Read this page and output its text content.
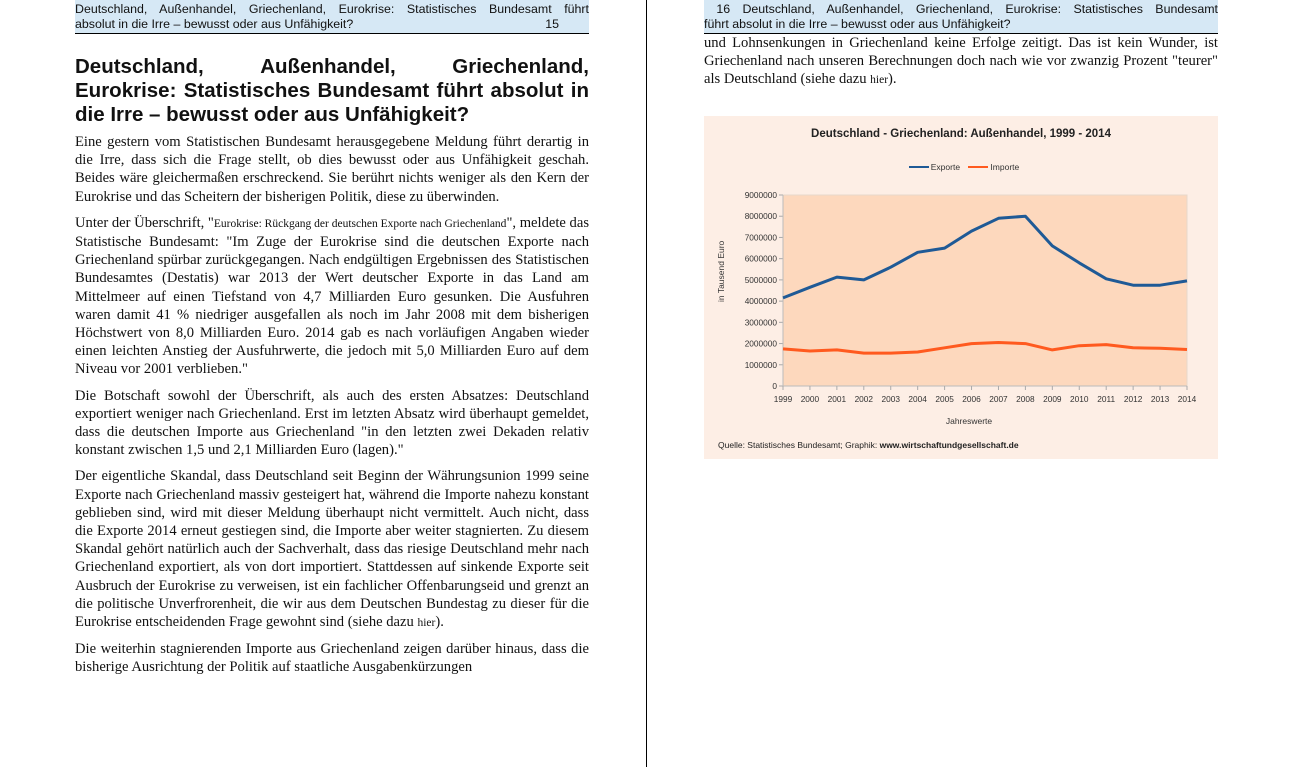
Deutschland, Außenhandel, Griechenland, Eurokrise: Statistisches Bundesamt führt
absolut in die Irre – bewusst oder aus Unfähigkeit?	15
Deutschland,	Außenhandel,	Griechenland,
Eurokrise: Statistisches Bundesamt führt absolut in die Irre – bewusst oder aus Unfähigkeit?

Eine gestern vom Statistischen Bundesamt herausgegebene Meldung führt derartig in die Irre, dass sich die Frage stellt, ob dies bewusst oder aus Unfähigkeit geschah. Beides wäre gleichermaßen erschreckend. Sie berührt nichts weniger als den Kern der Eurokrise und das Scheitern der bisherigen Politik, diese zu überwinden.

Unter der Überschrift, "Eurokrise: Rückgang der deutschen Exporte nach Griechenland", meldete das Statistische Bundesamt: "Im Zuge der Eurokrise sind die deutschen Exporte nach Griechenland spürbar zurückgegangen. Nach endgültigen Ergebnissen des Statistischen Bundesamtes (Destatis) war 2013 der Wert deutscher Exporte in das Land am Mittelmeer auf einen Tiefstand von 4,7 Milliarden Euro gesunken. Die Ausfuhren waren damit 41 % niedriger ausgefallen als noch im Jahr 2008 mit dem bisherigen Höchstwert von 8,0 Milliarden Euro. 2014 gab es nach vorläufigen Angaben wieder einen leichten Anstieg der Ausfuhrwerte, die jedoch mit 5,0 Milliarden Euro auf dem Niveau vor 2001 verblieben."

Die Botschaft sowohl der Überschrift, als auch des ersten Absatzes: Deutschland exportiert weniger nach Griechenland. Erst im letzten Absatz wird überhaupt gemeldet, dass die deutschen Importe aus Griechenland "in den letzten zwei Dekaden relativ konstant zwischen 1,5 und 2,1 Milliarden Euro (lagen)."

Der eigentliche Skandal, dass Deutschland seit Beginn der Währungsunion 1999 seine Exporte nach Griechenland massiv gesteigert hat, während die Importe nahezu konstant geblieben sind, wird mit dieser Meldung überhaupt nicht vermittelt. Auch nicht, dass die Exporte 2014 erneut gestiegen sind, die Importe aber weiter stagnierten. Zu diesem Skandal gehört natürlich auch der Sachverhalt, dass das riesige Deutschland mehr nach Griechenland exportiert, als von dort importiert. Stattdessen auf sinkende Exporte seit Ausbruch der Eurokrise zu verweisen, ist ein fachlicher Offenbarungseid und grenzt an die politische Unverfrorenheit, die wir aus dem Deutschen Bundestag zu dieser für die Eurokrise entscheidenden Frage gewohnt sind (siehe dazu hier).

Die weiterhin stagnierenden Importe aus Griechenland zeigen darüber hinaus, dass die bisherige Ausrichtung der Politik auf staatliche Ausgabenkürzungen

16 Deutschland, Außenhandel, Griechenland, Eurokrise: Statistisches Bundesamt
führt absolut in die Irre – bewusst oder aus Unfähigkeit?

und Lohnsenkungen in Griechenland keine Erfolge zeitigt. Das ist kein Wunder, ist Griechenland nach unseren Berechnungen doch nach wie vor zwanzig Prozent "teurer" als Deutschland (siehe dazu hier).

Deutschland - Griechenland: Außenhandel, 1999 - 2014
Exporte	Importe
0
1000000
2000000
3000000
4000000
5000000
6000000
7000000
8000000
9000000
1999 2000 2001 2002 2003 2004 2005 2006 2007 2008 2009 2010 2011 2012 2013 2014
in Tausend Euro
Jahreswerte
Quelle: Statistisches Bundesamt; Graphik: www.wirtschaftundgesellschaft.de
